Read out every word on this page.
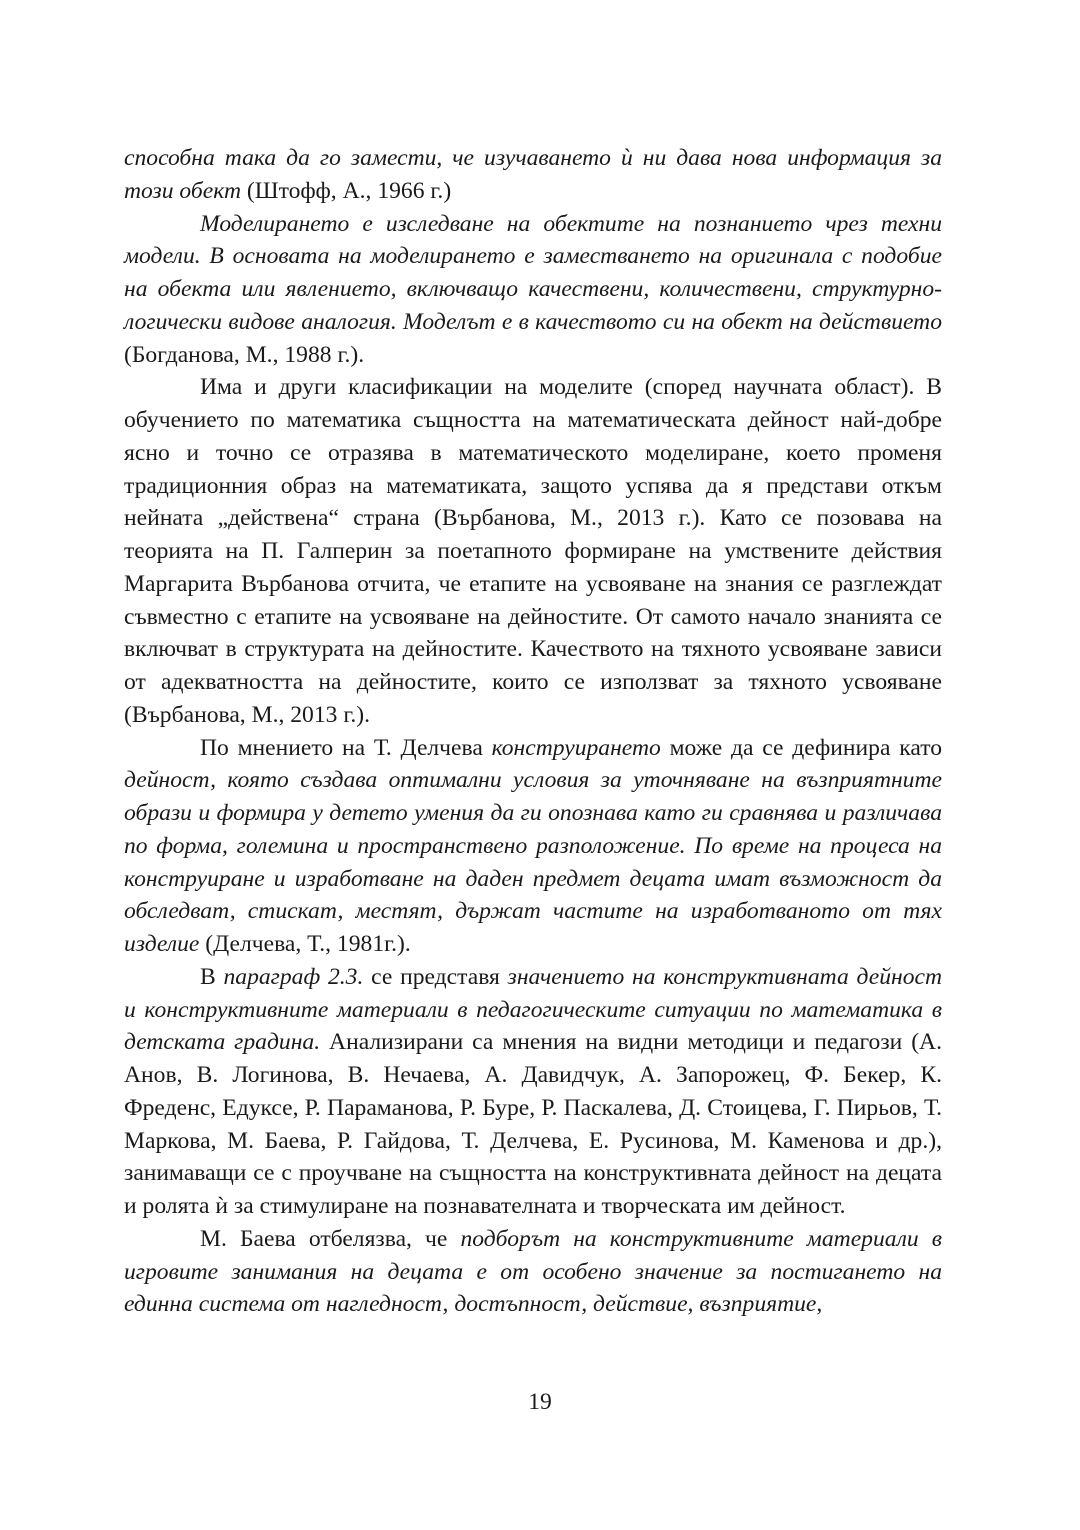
способна така да го замести, че изучаването ѝ ни дава нова информация за този обект (Штофф, А., 1966 г.)

Моделирането е изследване на обектите на познанието чрез техни модели. В основата на моделирането е заместването на оригинала с подобие на обекта или явлението, включващо качествени, количествени, структурно-логически видове аналогия. Моделът е в качеството си на обект на действието (Богданова, М., 1988 г.).

Има и други класификации на моделите (според научната област). В обучението по математика същността на математическата дейност най-добре ясно и точно се отразява в математическото моделиране, което променя традиционния образ на математиката, защото успява да я представи откъм нейната „действена“ страна (Върбанова, М., 2013 г.). Като се позовава на теорията на П. Галперин за поетапното формиране на умствените действия Маргарита Върбанова отчита, че етапите на усвояване на знания се разглеждат съвместно с етапите на усвояване на дейностите. От самото начало знанията се включват в структурата на дейностите. Качеството на тяхното усвояване зависи от адекватността на дейностите, които се използват за тяхното усвояване (Върбанова, М., 2013 г.).

По мнението на Т. Делчева конструирането може да се дефинира като дейност, която създава оптимални условия за уточняване на възприятните образи и формира у детето умения да ги опознава като ги сравнява и различава по форма, големина и пространствено разположение. По време на процеса на конструиране и изработване на даден предмет децата имат възможност да обследват, стискат, местят, държат частите на изработваното от тях изделие (Делчева, Т., 1981г.).

В параграф 2.3. се представя значението на конструктивната дейност и конструктивните материали в педагогическите ситуации по математика в детската градина. Анализирани са мнения на видни методици и педагози (А. Анов, В. Логинова, В. Нечаева, А. Давидчук, А. Запорожец, Ф. Бекер, К. Фреденс, Едуксе, Р. Параманова, Р. Буре, Р. Паскалева, Д. Стоицева, Г. Пирьов, Т. Маркова, М. Баева, Р. Гайдова, Т. Делчева, Е. Русинова, М. Каменова и др.), занимаващи се с проучване на същността на конструктивната дейност на децата и ролята ѝ за стимулиране на познавателната и творческата им дейност.

М. Баева отбелязва, че подборът на конструктивните материали в игровите занимания на децата е от особено значение за постигането на единна система от нагледност, достъпност, действие, възприятие,

19
